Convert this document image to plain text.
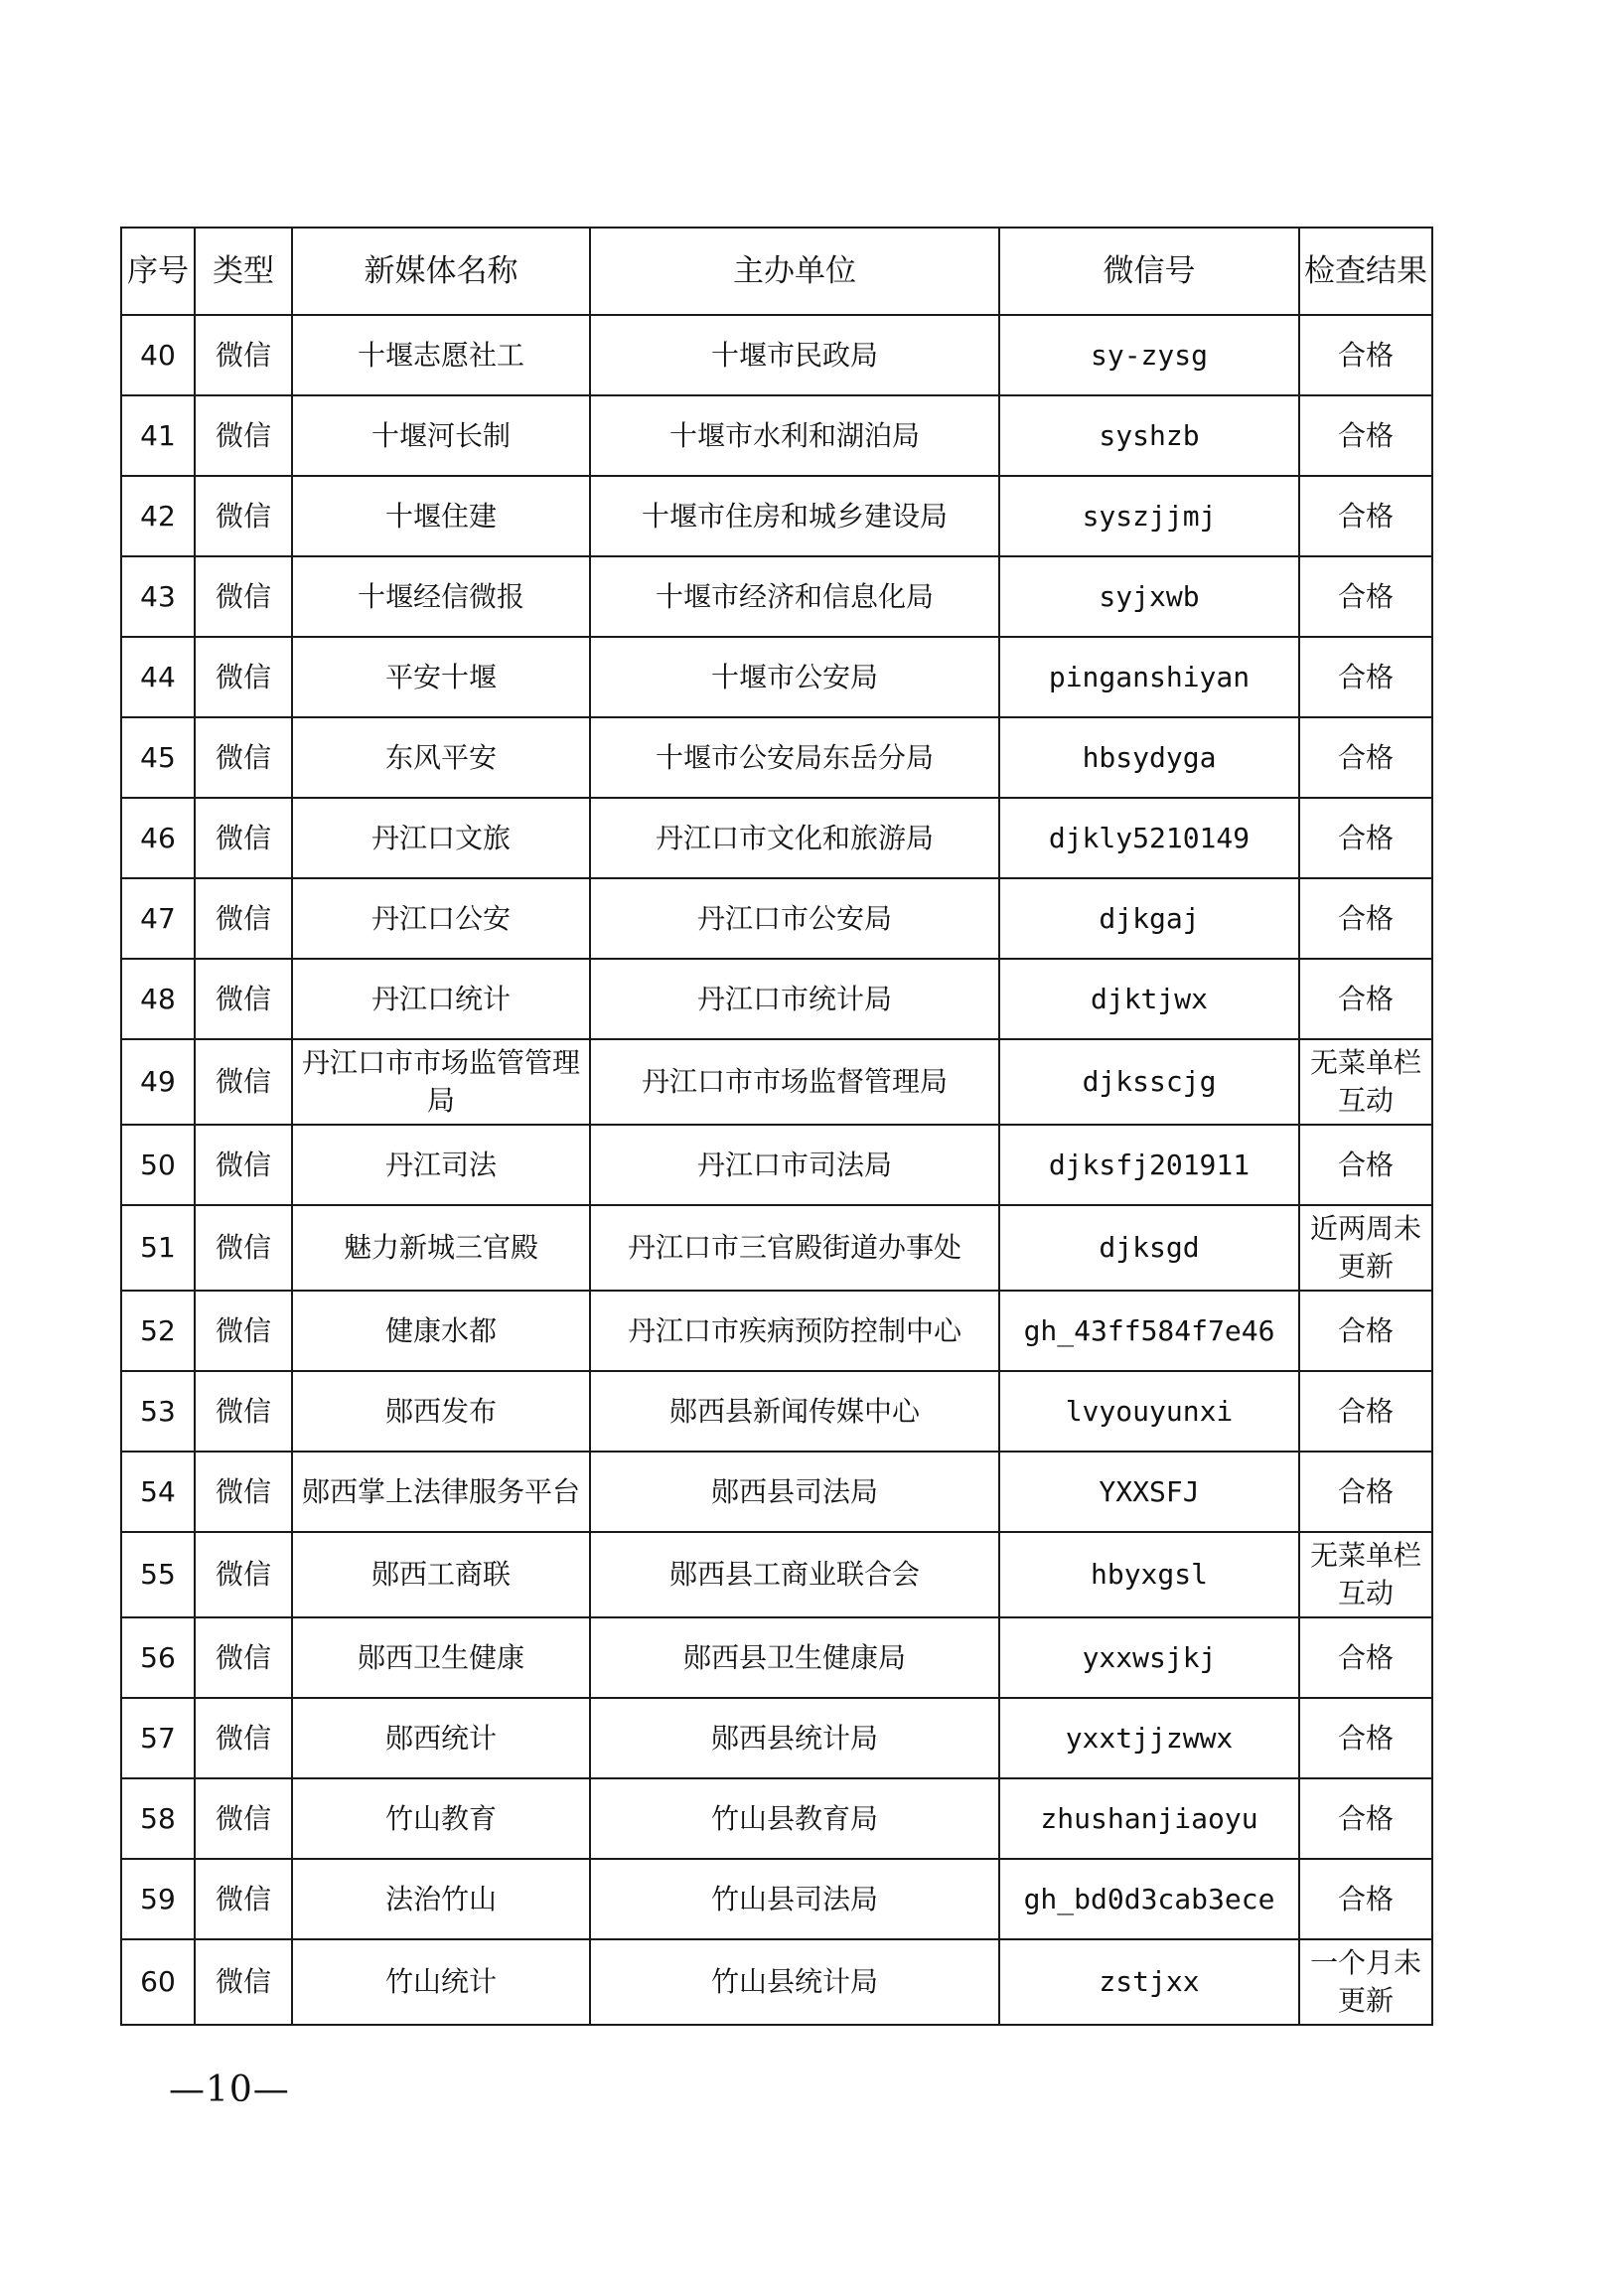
序号	类型	新媒体名称	主办单位	微信号	检查结果
40	微信	十堰志愿社工	十堰市民政局	sy-zysg	合格
41	微信	十堰河长制	十堰市水利和湖泊局	syshzb	合格
42	微信	十堰住建	十堰市住房和城乡建设局	syszjjmj	合格
43	微信	十堰经信微报	十堰市经济和信息化局	syjxwb	合格
44	微信	平安十堰	十堰市公安局	pinganshiyan	合格
45	微信	东风平安	十堰市公安局东岳分局	hbsydyga	合格
46	微信	丹江口文旅	丹江口市文化和旅游局	djkly5210149	合格
47	微信	丹江口公安	丹江口市公安局	djkgaj	合格
48	微信	丹江口统计	丹江口市统计局	djktjwx	合格
49	微信	丹江口市市场监管管理局	丹江口市市场监督管理局	djksscjg	无菜单栏互动
50	微信	丹江司法	丹江口市司法局	djksfj201911	合格
51	微信	魅力新城三官殿	丹江口市三官殿街道办事处	djksgd	近两周未更新
52	微信	健康水都	丹江口市疾病预防控制中心	gh_43ff584f7e46	合格
53	微信	郧西发布	郧西县新闻传媒中心	lvyouyunxi	合格
54	微信	郧西掌上法律服务平台	郧西县司法局	YXXSFJ	合格
55	微信	郧西工商联	郧西县工商业联合会	hbyxgsl	无菜单栏互动
56	微信	郧西卫生健康	郧西县卫生健康局	yxxwsjkj	合格
57	微信	郧西统计	郧西县统计局	yxxtjjzwwx	合格
58	微信	竹山教育	竹山县教育局	zhushanjiaoyu	合格
59	微信	法治竹山	竹山县司法局	gh_bd0d3cab3ece	合格
60	微信	竹山统计	竹山县统计局	zstjxx	一个月未更新
—10—
